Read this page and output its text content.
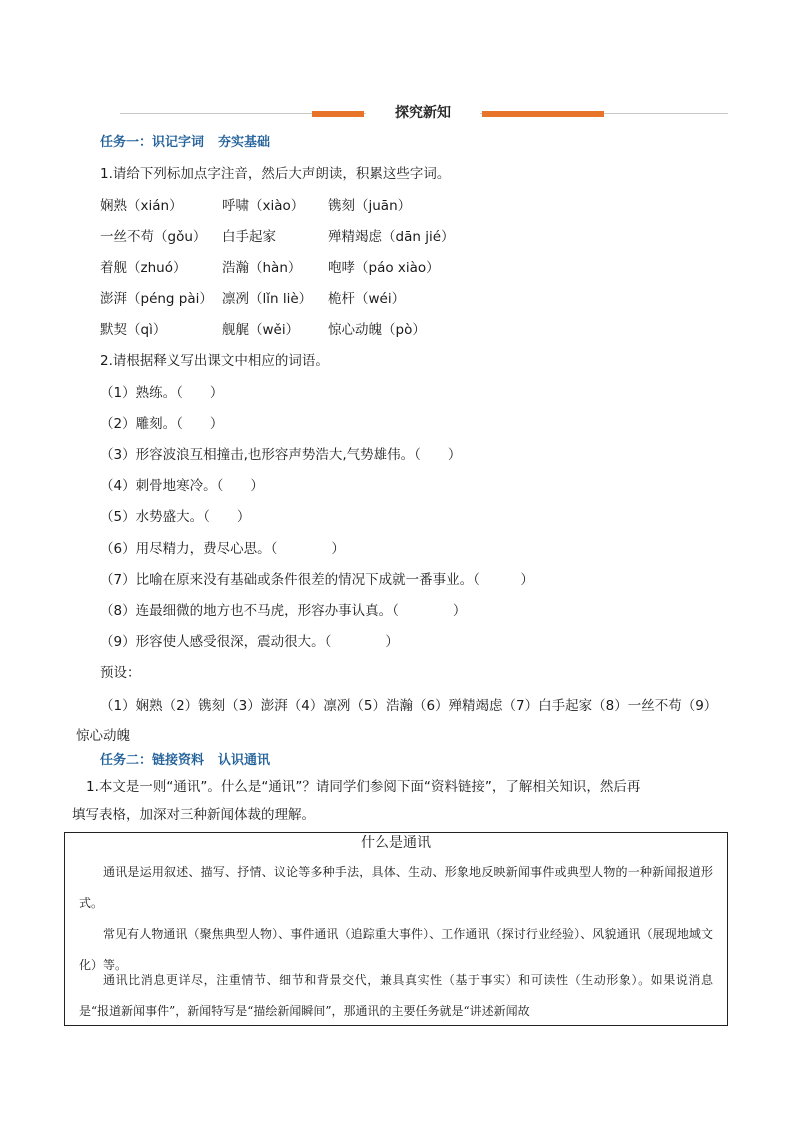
探究新知
任务一：识记字词 夯实基础
1.请给下列标加点字注音，然后大声朗读，积累这些字词。
娴熟（xián）	呼啸（xiào） 镌刻（juān）
一丝不苟（gǒu） 白手起家	殚精竭虑（dān jié）
着舰（zhuó）	浩瀚（hàn） 咆哮（páo xiào）
澎湃（péng pài） 凛冽（lǐn liè） 桅杆（wéi）
默契（qì）	舰艉（wěi） 惊心动魄（pò）
2.请根据释义写出课文中相应的词语。
（1）熟练。（　　）
（2）雕刻。（　　）
（3）形容波浪互相撞击,也形容声势浩大,气势雄伟。（　　）
（4）刺骨地寒冷。（　　）
（5）水势盛大。（　　）
（6）用尽精力，费尽心思。（　　　　）
（7）比喻在原来没有基础或条件很差的情况下成就一番事业。（　　　）
（8）连最细微的地方也不马虎，形容办事认真。（　　　　）
（9）形容使人感受很深，震动很大。（　　　　）
预设：
（1）娴熟（2）镌刻（3）澎湃（4）凛冽（5）浩瀚（6）殚精竭虑（7）白手起家（8）一丝不苟（9）惊心动魄
任务二：链接资料 认识通讯
1.本文是一则“通讯”。什么是“通讯”？请同学们参阅下面“资料链接”，了解相关知识，然后再
填写表格，加深对三种新闻体裁的理解。
什么是通讯

通讯是运用叙述、描写、抒情、议论等多种手法，具体、生动、形象地反映新闻事件或典型人物的一种新闻报道形式。

常见有人物通讯（聚焦典型人物）、事件通讯（追踪重大事件）、工作通讯（探讨行业经验）、风貌通讯（展现地域文化）等。

通讯比消息更详尽，注重情节、细节和背景交代，兼具真实性（基于事实）和可读性（生动形象）。如果说消息是“报道新闻事件”，新闻特写是“描绘新闻瞬间”，那通讯的主要任务就是“讲述新闻故
